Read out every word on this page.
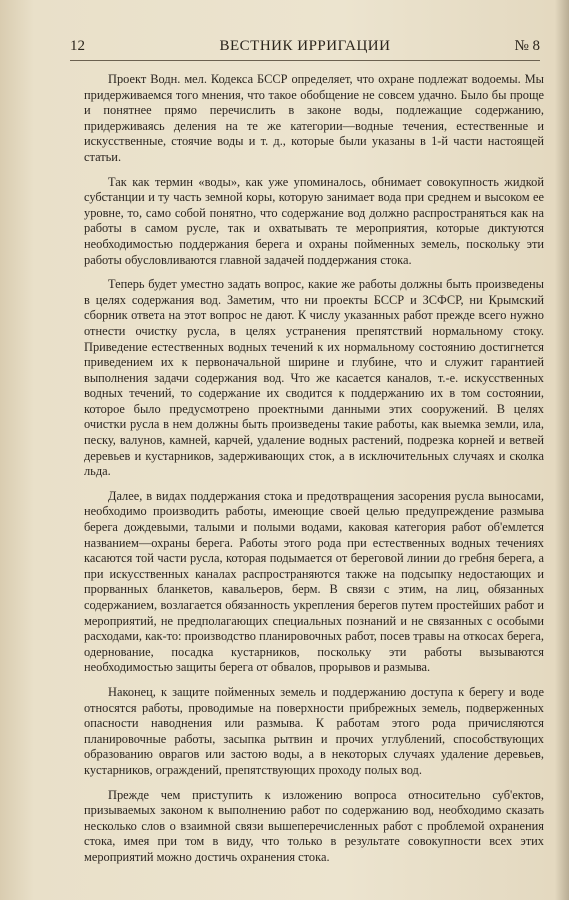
12	ВЕСТНИК ИРРИГАЦИИ	№ 8

Проект Водн. мел. Кодекса БССР определяет, что охране подлежат водоемы. Мы придерживаемся того мнения, что такое обобщение не совсем удачно. Было бы проще и понятнее прямо перечислить в законе воды, подлежащие содержанию, придерживаясь деления на те же категории—водные течения, естественные и искусственные, стоячие воды и т. д., которые были указаны в 1-й части настоящей статьи.

Так как термин «воды», как уже упоминалось, обнимает совокупность жидкой субстанции и ту часть земной коры, которую занимает вода при среднем и высоком ее уровне, то, само собой понятно, что содержание вод должно распространяться как на работы в самом русле, так и охватывать те мероприятия, которые диктуются необходимостью поддержания берега и охраны пойменных земель, поскольку эти работы обусловливаются главной задачей поддержания стока.

Теперь будет уместно задать вопрос, какие же работы должны быть произведены в целях содержания вод. Заметим, что ни проекты БССР и ЗСФСР, ни Крымский сборник ответа на этот вопрос не дают. К числу указанных работ прежде всего нужно отнести очистку русла, в целях устранения препятствий нормальному стоку. Приведение естественных водных течений к их нормальному состоянию достигнется приведением их к первоначальной ширине и глубине, что и служит гарантией выполнения задачи содержания вод. Что же касается каналов, т.-е. искусственных водных течений, то содержание их сводится к поддержанию их в том состоянии, которое было предусмотрено проектными данными этих сооружений. В целях очистки русла в нем должны быть произведены такие работы, как выемка земли, ила, песку, валунов, камней, карчей, удаление водных растений, подрезка корней и ветвей деревьев и кустарников, задерживающих сток, а в исключительных случаях и сколка льда.

Далее, в видах поддержания стока и предотвращения засорения русла выносами, необходимо производить работы, имеющие своей целью предупреждение размыва берега дождевыми, талыми и полыми водами, каковая категория работ об'емлется названием—охраны берега. Работы этого рода при естественных водных течениях касаются той части русла, которая подымается от береговой линии до гребня берега, а при искусственных каналах распространяются также на подсыпку недостающих и прорванных бланкетов, кавальеров, берм. В связи с этим, на лиц, обязанных содержанием, возлагается обязанность укрепления берегов путем простейших работ и мероприятий, не предполагающих специальных познаний и не связанных с особыми расходами, как-то: производство планировочных работ, посев травы на откосах берега, одернование, посадка кустарников, поскольку эти работы вызываются необходимостью защиты берега от обвалов, прорывов и размыва.

Наконец, к защите пойменных земель и поддержанию доступа к берегу и воде относятся работы, проводимые на поверхности прибрежных земель, подверженных опасности наводнения или размыва. К работам этого рода причисляются планировочные работы, засыпка рытвин и прочих углублений, способствующих образованию оврагов или застою воды, а в некоторых случаях удаление деревьев, кустарников, ограждений, препятствующих проходу полых вод.

Прежде чем приступить к изложению вопроса относительно суб'ектов, призываемых законом к выполнению работ по содержанию вод, необходимо сказать несколько слов о взаимной связи вышеперечисленных работ с проблемой охранения стока, имея при том в виду, что только в результате совокупности всех этих мероприятий можно достичь охранения стока.
